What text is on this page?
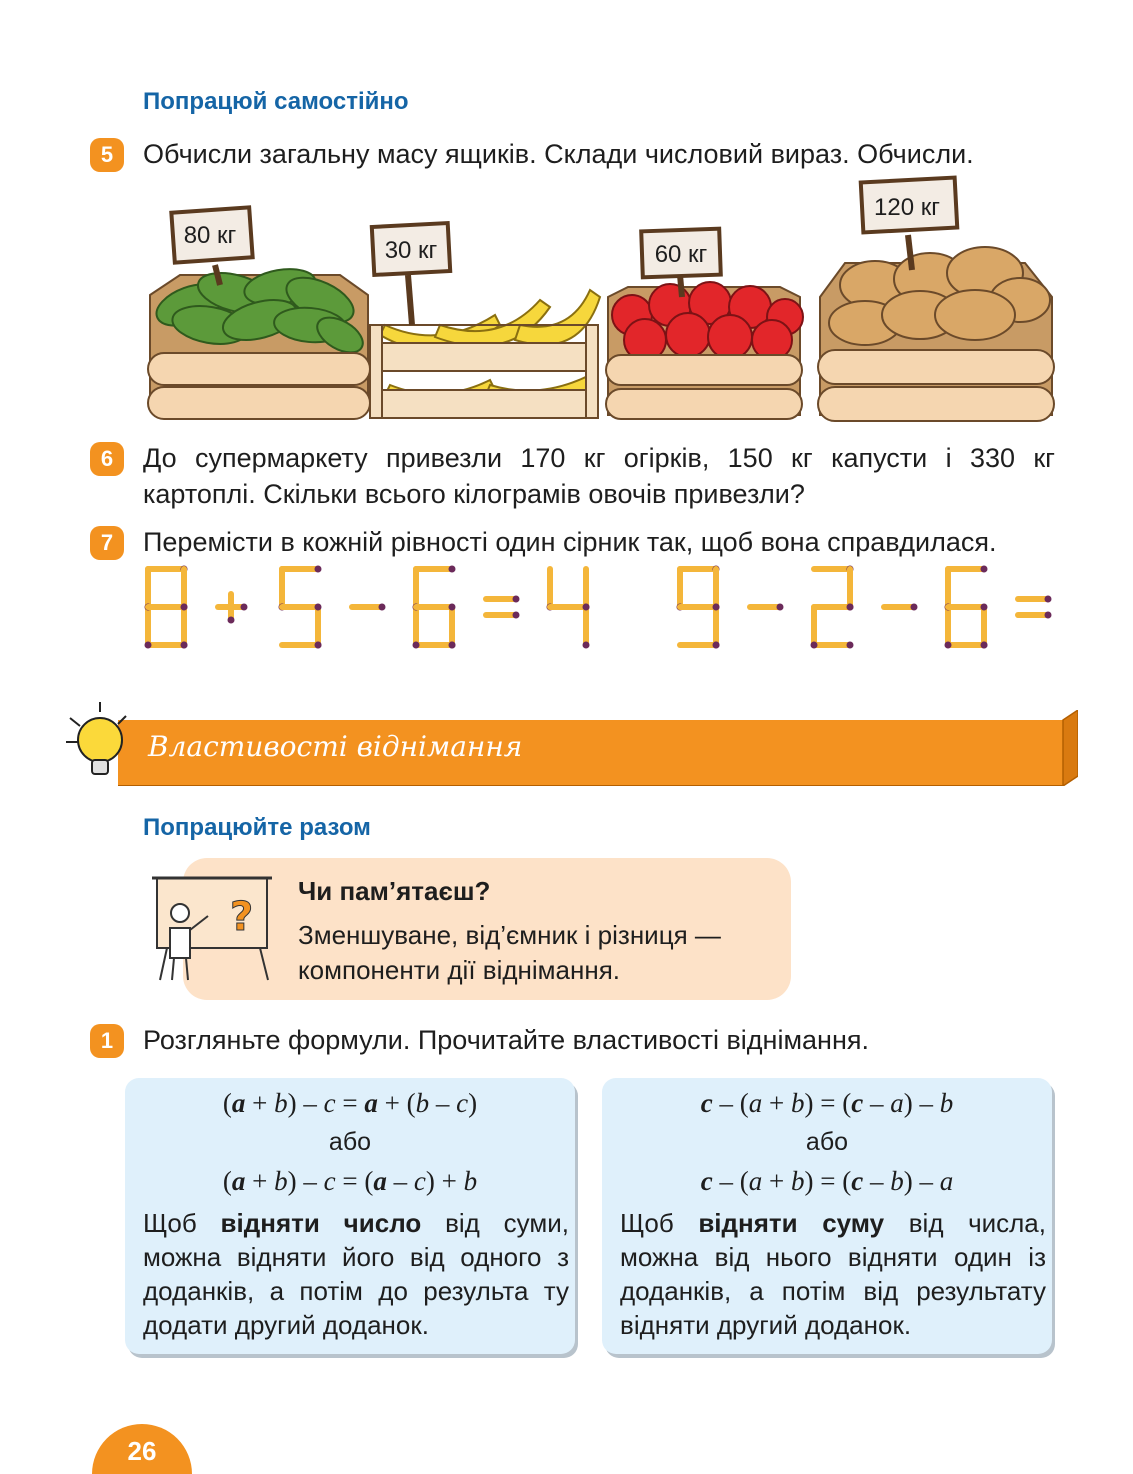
Попрацюй самостійно
5	Обчисли загальну масу ящиків. Склади числовий вираз. Обчисли.
80 кг
30 кг	60 кг
120 кг
6	До супермаркету привезли 170 кг огірків, 150 кг капусти і 330 кг картоплі. Скільки всього кілограмів овочів привезли?
7	Перемісти в кожній рівності один сірник так, щоб вона справдилася.
Властивості віднімання
Попрацюйте разом
?
Чи пам’ятаєш?
Зменшуване, від’ємник і різниця — компоненти дії віднімання.
1	Розгляньте формули. Прочитайте властивості віднімання.
(a + b) – c = a + (b – c)
або
(a + b) – c = (a – c) + b
Щоб відняти число від суми, можна відняти його від одного з доданків, а потім до результа ту додати другий доданок.
c – (a + b) = (c – a) – b
або
c – (a + b) = (c – b) – a
Щоб відняти суму від числа, можна від нього відняти один із доданків, а потім від результату відняти другий доданок.
26
